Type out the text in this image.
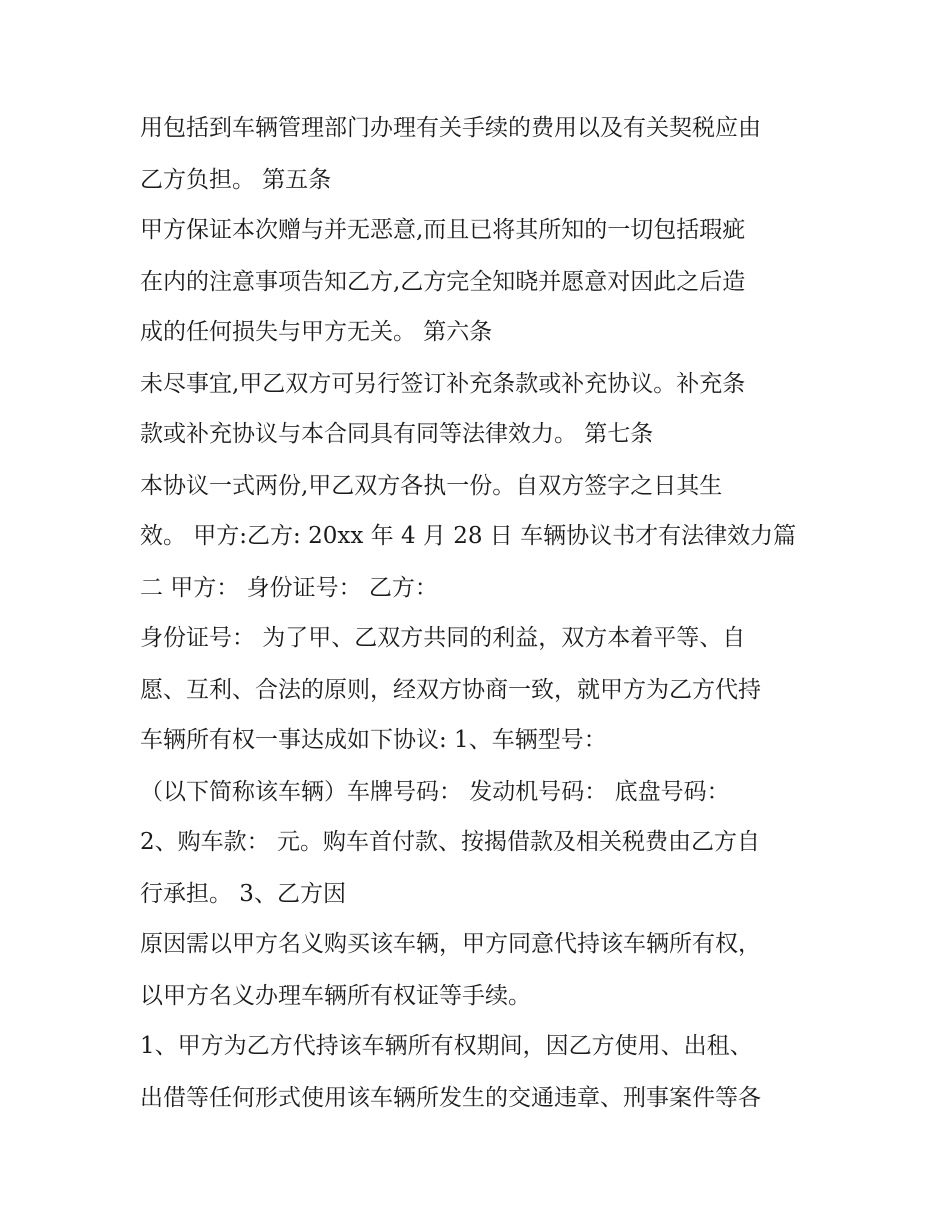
用包括到车辆管理部门办理有关手续的费用以及有关契税应由
乙方负担。 第五条
甲方保证本次赠与并无恶意,而且已将其所知的一切包括瑕疵
在内的注意事项告知乙方,乙方完全知晓并愿意对因此之后造
成的任何损失与甲方无关。 第六条
未尽事宜,甲乙双方可另行签订补充条款或补充协议。补充条
款或补充协议与本合同具有同等法律效力。 第七条
本协议一式两份,甲乙双方各执一份。自双方签字之日其生
效。 甲方:乙方: 20xx 年 4 月 28 日 车辆协议书才有法律效力篇
二 甲方： 身份证号： 乙方：
身份证号： 为了甲、乙双方共同的利益，双方本着平等、自
愿、互利、合法的原则，经双方协商一致，就甲方为乙方代持
车辆所有权一事达成如下协议: 1、车辆型号：
（以下简称该车辆）车牌号码： 发动机号码： 底盘号码：
2、购车款： 元。购车首付款、按揭借款及相关税费由乙方自
行承担。 3、乙方因
原因需以甲方名义购买该车辆，甲方同意代持该车辆所有权，
以甲方名义办理车辆所有权证等手续。
1、甲方为乙方代持该车辆所有权期间，因乙方使用、出租、
出借等任何形式使用该车辆所发生的交通违章、刑事案件等各
